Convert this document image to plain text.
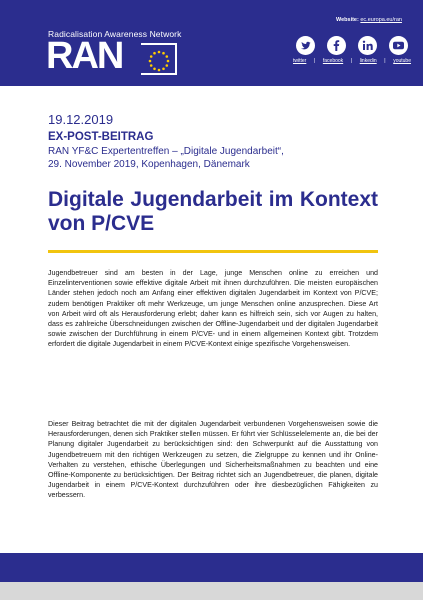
Radicalisation Awareness Network
RAN
Website: ec.europa.eu/ran
twitter | facebook | linkedin | youtube
19.12.2019
EX-POST-BEITRAG
RAN YF&C Expertentreffen – „Digitale Jugendarbeit“,
29. November 2019, Kopenhagen, Dänemark
Digitale Jugendarbeit im Kontext von P/CVE

Jugendbetreuer sind am besten in der Lage, junge Menschen online zu erreichen und Einzelinterventionen sowie effektive digitale Arbeit mit ihnen durchzuführen. Die meisten europäischen Länder stehen jedoch noch am Anfang einer effektiven digitalen Jugendarbeit im Kontext von P/CVE; zudem benötigen Praktiker oft mehr Werkzeuge, um junge Menschen online anzusprechen. Diese Art von Arbeit wird oft als Herausforderung erlebt; daher kann es hilfreich sein, sich vor Augen zu halten, dass es zahlreiche Überschneidungen zwischen der Offline-Jugendarbeit und der digitalen Jugendarbeit sowie zwischen der Durchführung in einem P/CVE- und in einem allgemeinen Kontext gibt. Trotzdem erfordert die digitale Jugendarbeit in einem P/CVE-Kontext einige spezifische Vorgehensweisen.

Dieser Beitrag betrachtet die mit der digitalen Jugendarbeit verbundenen Vorgehensweisen sowie die Herausforderungen, denen sich Praktiker stellen müssen. Er führt vier Schlüsselelemente an, die bei der Planung digitaler Jugendarbeit zu berücksichtigen sind: den Schwerpunkt auf die Ausstattung von Jugendbetreuern mit den richtigen Werkzeugen zu setzen, die Zielgruppe zu kennen und ihr Online-Verhalten zu verstehen, ethische Überlegungen und Sicherheitsmaßnahmen zu beachten und eine Offline-Komponente zu berücksichtigen. Der Beitrag richtet sich an Jugendbetreuer, die planen, digitale Jugendarbeit in einem P/CVE-Kontext durchzuführen oder ihre diesbezüglichen Fähigkeiten zu verbessern.
